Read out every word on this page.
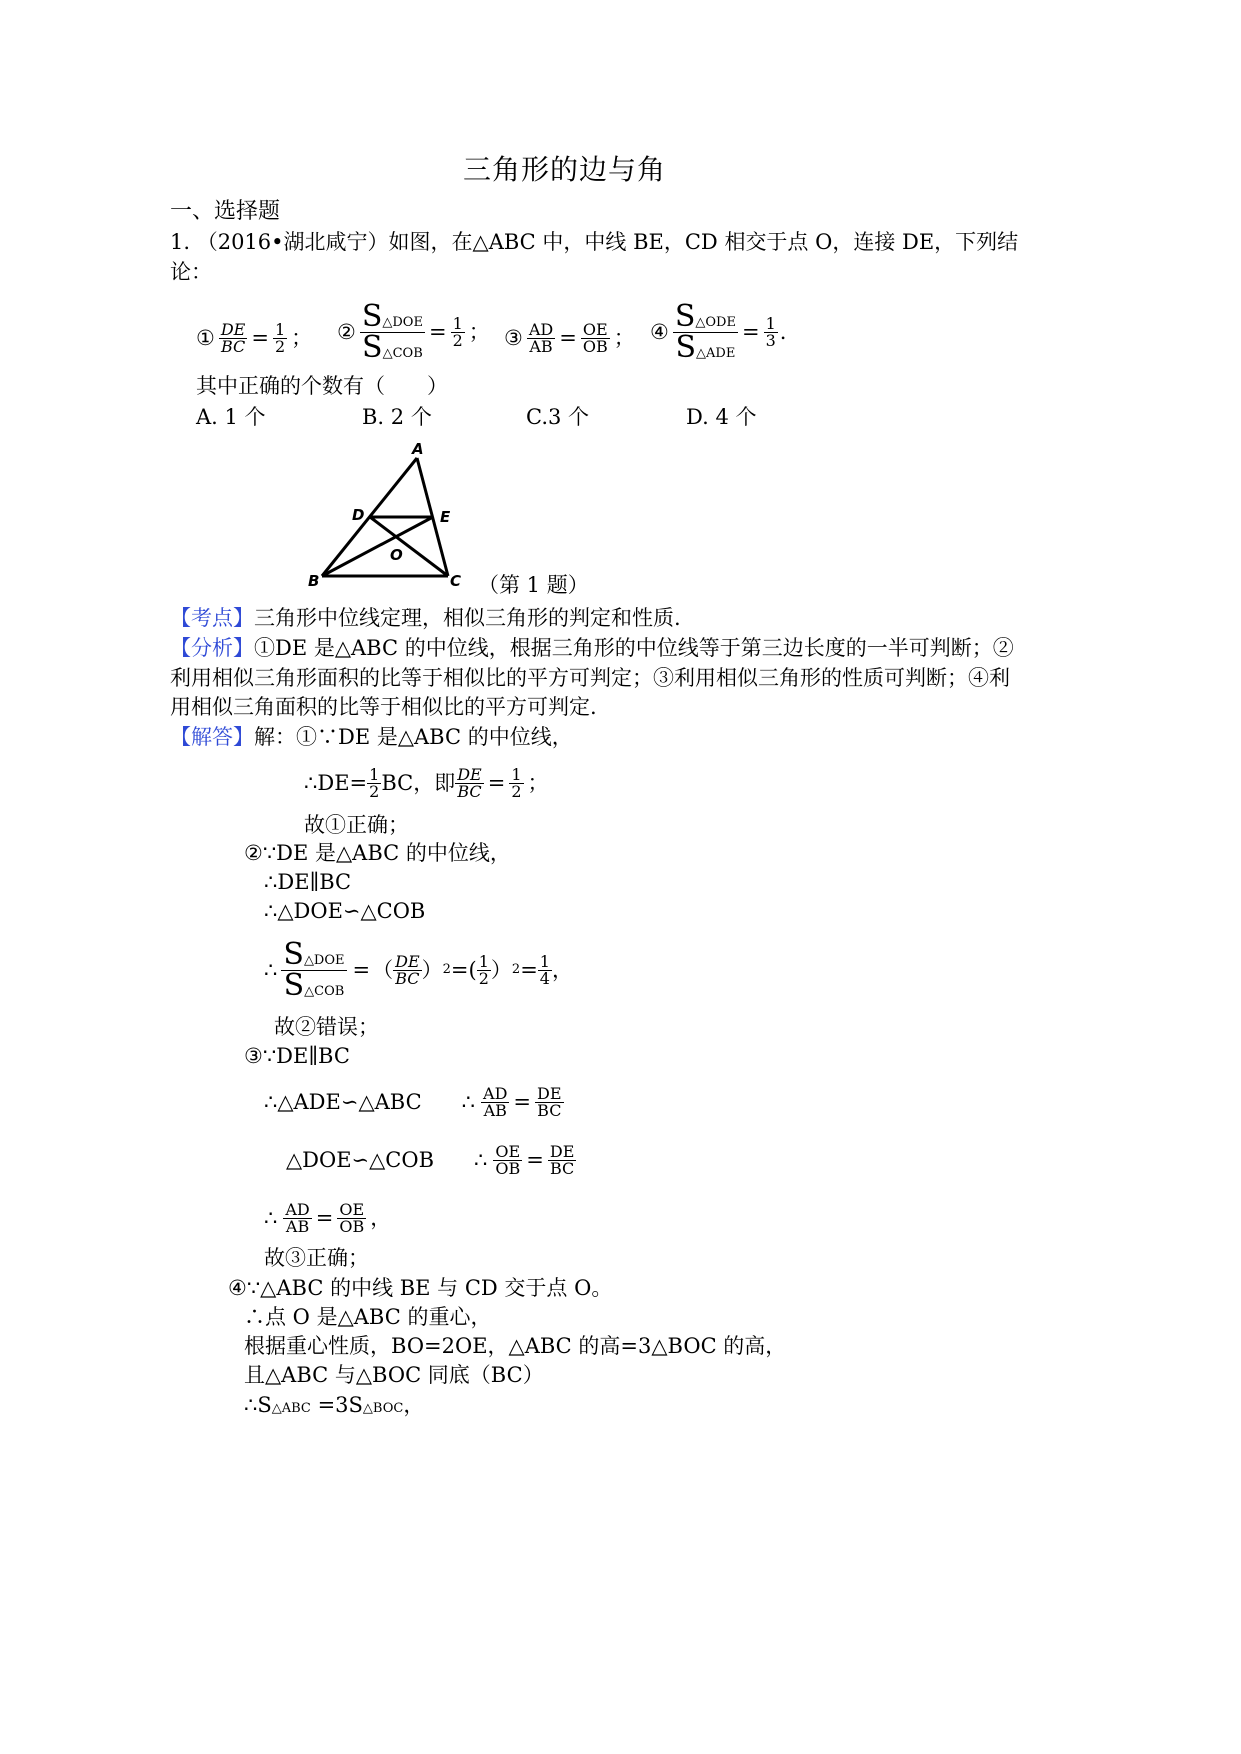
三角形的边与角
一、选择题
1. （2016•湖北咸宁）如图，在△ABC 中，中线 BE，CD 相交于点 O，连接 DE，下列结
论：
① $\frac{DE}{BC} = \frac{1}{2}$ ； ② $\frac{\text{S△DOE}}{\text{S△COB}} = \frac{1}{2}$ ； ③ $\frac{AD}{AB} = \frac{OE}{OB}$ ； ④ $\frac{\text{S△ODE}}{\text{S△ADE}} = \frac{1}{3}$ .
其中正确的个数有（　　）
A. 1 个	B. 2 个	C.3 个	D. 4 个
A
D	E
O
B	C （第 1 题）
【考点】三角形中位线定理，相似三角形的判定和性质.
【分析】①DE 是△ABC 的中位线，根据三角形的中位线等于第三边长度的一半可判断；②
利用相似三角形面积的比等于相似比的平方可判定；③利用相似三角形的性质可判断；④利
用相似三角面积的比等于相似比的平方可判定.
【解答】解：①∵DE 是△ABC 的中位线，
∴DE= $\frac{1}{2}$ BC，即 $\frac{DE}{BC} = \frac{1}{2}$ ；
故①正确；
②∵DE 是△ABC 的中位线，
∴DE∥BC
∴△DOE∽△COB
∴ $\frac{\text{S△DOE}}{\text{S△COB}}$ = （ $\frac{DE}{BC}$ ） 2 =( $\frac{1}{2}$ ） $2 = \frac{1}{4}$ ，
故②错误；
③∵DE∥BC
∴△ADE∽△ABC ∴ $\frac{AD}{AB} = \frac{DE}{BC}$
△DOE∽△COB ∴ $\frac{OE}{OB} = \frac{DE}{BC}$
∴ $\frac{AD}{AB} = \frac{OE}{OB}$ ，
故③正确；
④∵△ABC 的中线 BE 与 CD 交于点 O。
∴点 O 是△ABC 的重心，
根据重心性质，BO=2OE，△ABC 的高=3△BOC 的高，
且△ABC 与△BOC 同底（BC）
∴S△ABC =3S△BOC，
